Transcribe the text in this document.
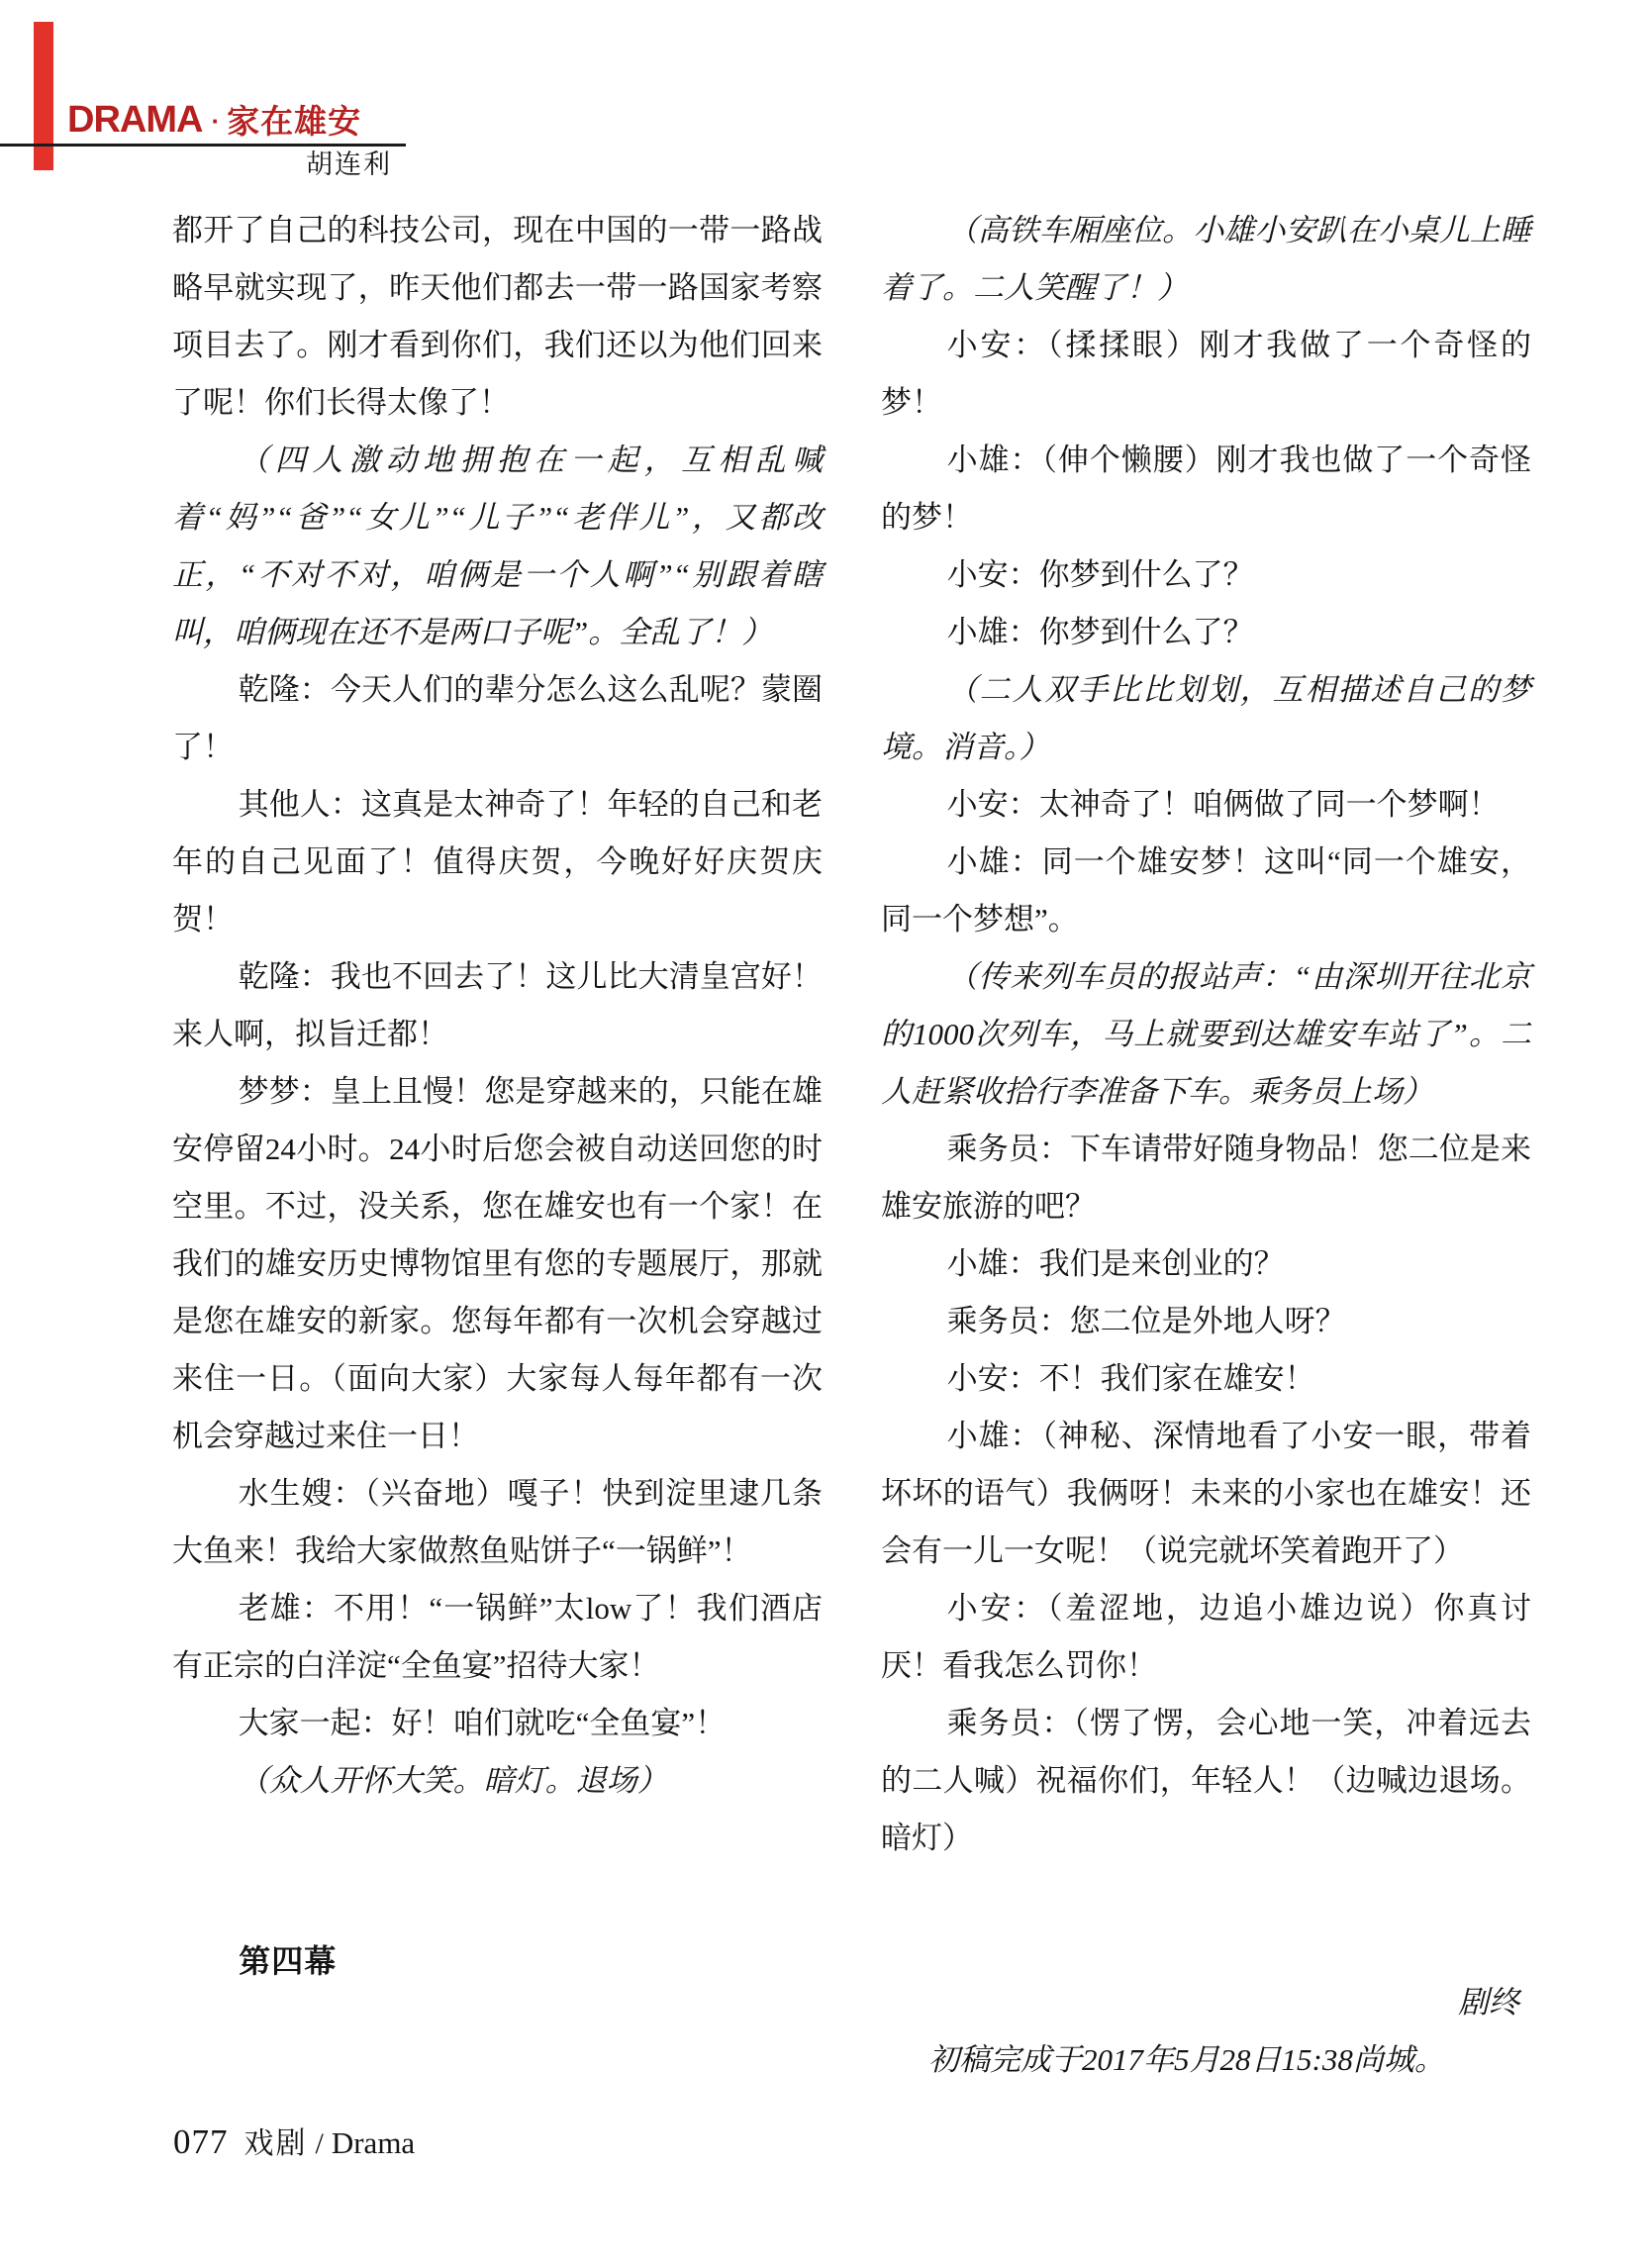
DRAMA · 家在雄安
胡连利

都开了自己的科技公司，现在中国的一带一路战略早就实现了，昨天他们都去一带一路国家考察项目去了。刚才看到你们，我们还以为他们回来了呢！你们长得太像了！

（四人激动地拥抱在一起，互相乱喊着“妈”“爸”“女儿”“儿子”“老伴儿”，又都改正，“不对不对，咱俩是一个人啊”“别跟着瞎叫，咱俩现在还不是两口子呢”。全乱了！）

乾隆：今天人们的辈分怎么这么乱呢？蒙圈了！

其他人：这真是太神奇了！年轻的自己和老年的自己见面了！值得庆贺，今晚好好庆贺庆贺！

乾隆：我也不回去了！这儿比大清皇宫好！来人啊，拟旨迁都！

梦梦：皇上且慢！您是穿越来的，只能在雄安停留24小时。24小时后您会被自动送回您的时空里。不过，没关系，您在雄安也有一个家！在我们的雄安历史博物馆里有您的专题展厅，那就是您在雄安的新家。您每年都有一次机会穿越过来住一日。（面向大家）大家每人每年都有一次机会穿越过来住一日！

水生嫂：（兴奋地）嘎子！快到淀里逮几条大鱼来！我给大家做熬鱼贴饼子“一锅鲜”！

老雄：不用！“一锅鲜”太low了！我们酒店有正宗的白洋淀“全鱼宴”招待大家！

大家一起：好！咱们就吃“全鱼宴”！

（众人开怀大笑。暗灯。退场）

第四幕

（高铁车厢座位。小雄小安趴在小桌儿上睡着了。二人笑醒了！）

小安：（揉揉眼）刚才我做了一个奇怪的梦！

小雄：（伸个懒腰）刚才我也做了一个奇怪的梦！

小安：你梦到什么了？

小雄：你梦到什么了？

（二人双手比比划划，互相描述自己的梦境。消音。）

小安：太神奇了！咱俩做了同一个梦啊！

小雄：同一个雄安梦！这叫“同一个雄安，同一个梦想”。

（传来列车员的报站声：“由深圳开往北京的1000次列车，马上就要到达雄安车站了”。二人赶紧收拾行李准备下车。乘务员上场）

乘务员：下车请带好随身物品！您二位是来雄安旅游的吧？

小雄：我们是来创业的？

乘务员：您二位是外地人呀？

小安：不！我们家在雄安！

小雄：（神秘、深情地看了小安一眼，带着坏坏的语气）我俩呀！未来的小家也在雄安！还会有一儿一女呢！（说完就坏笑着跑开了）

小安：（羞涩地，边追小雄边说）你真讨厌！看我怎么罚你！

乘务员：（愣了愣，会心地一笑，冲着远去的二人喊）祝福你们，年轻人！（边喊边退场。暗灯）

剧终

初稿完成于2017年5月28日15:38尚城。

077 戏剧 / Drama
